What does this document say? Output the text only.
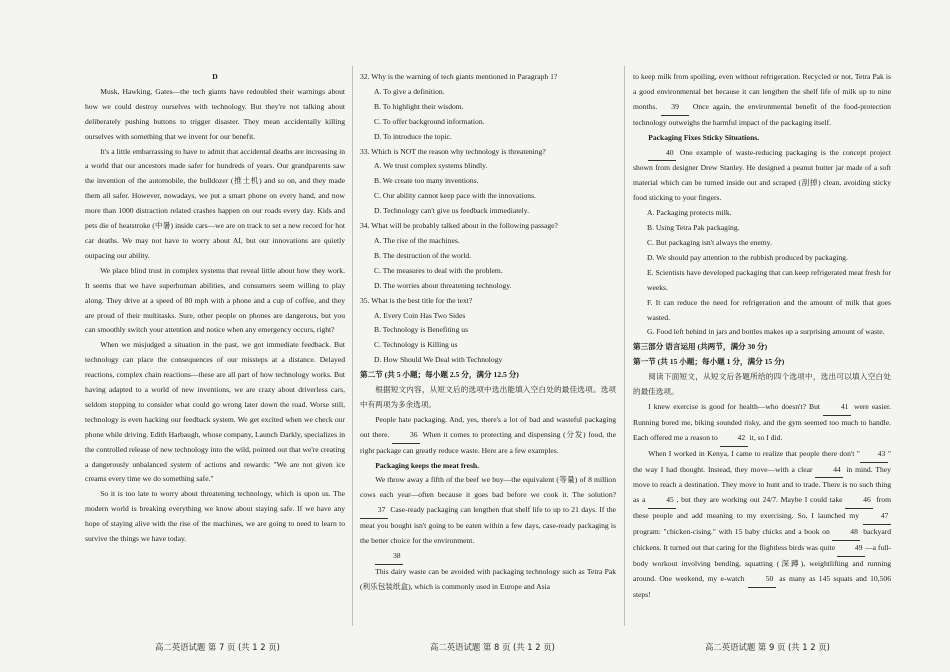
D

Musk, Hawking, Gates—the tech giants have redoubled their warnings about how we could destroy ourselves with technology. But they're not talking about deliberately pushing buttons to trigger disaster. They mean accidentally killing ourselves with something that we invent for our benefit.

It's a little embarrassing to have to admit that accidental deaths are increasing in a world that our ancestors made safer for hundreds of years. Our grandparents saw the invention of the automobile, the bulldozer (推土机) and so on, and they made them all safer. However, nowadays, we put a smart phone on every hand, and now more than 1000 distraction related crashes happen on our roads every day. Kids and pets die of heatstroke (中暑) inside cars—we are on track to set a new record for hot car deaths. We may not have to worry about AI, but our innovations are quietly outpacing our ability.

We place blind trust in complex systems that reveal little about how they work. It seems that we have superhuman abilities, and consumers seem willing to play along. They drive at a speed of 80 mph with a phone and a cup of coffee, and they are proud of their multitasks. Sure, other people on phones are dangerous, but you can smoothly switch your attention and notice when any emergency occurs, right?

When we misjudged a situation in the past, we got immediate feedback. But technology can place the consequences of our missteps at a distance. Delayed reactions, complex chain reactions—these are all part of how technology works. But having adapted to a world of new inventions, we are crazy about driverless cars, seldom stopping to consider what could go wrong later down the road. Worse still, technology is even hacking our feedback system. We get excited when we check our phone while driving. Edith Harbaugh, whose company, Launch Darkly, specializes in the controlled release of new technology into the wild, pointed out that we're creating a dangerously unbalanced system of actions and rewards: "We are not given ice creams every time we do something safe."

So it is too late to worry about threatening technology, which is upon us. The modern world is breaking everything we know about staying safe. If we have any hope of staying alive with the rise of the machines, we are going to need to learn to survive the things we have today.

32. Why is the warning of tech giants mentioned in Paragraph 1?

A. To give a definition.

B. To highlight their wisdom.

C. To offer background information.

D. To introduce the topic.

33. Which is NOT the reason why technology is threatening?

A. We trust complex systems blindly.

B. We create too many inventions.

C. Our ability cannot keep pace with the innovations.

D. Technology can't give us feedback immediately.

34. What will be probably talked about in the following passage?

A. The rise of the machines.

B. The destruction of the world.

C. The measures to deal with the problem.

D. The worries about threatening technology.

35. What is the best title for the text?

A. Every Coin Has Two Sides

B. Technology is Benefiting us

C. Technology is Killing us

D. How Should We Deal with Technology

第二节 (共 5 小题；每小题 2.5 分，满分 12.5 分)

根据短文内容，从短文后的选项中选出能填入空白处的最佳选项。选项中有两项为多余选项。

People hate packaging. And, yes, there's a lot of bad and wasteful packaging out there.	36 When it comes to protecting and dispensing (分发) food, the right package can greatly reduce waste. Here are a few examples.

Packaging keeps the meat fresh.

We throw away a fifth of the beef we buy—the equivalent (等量) of 8 million cows each year—often because it goes bad before we cook it. The solution? 37 Case-ready packaging can lengthen that shelf life to up to 21 days. If the meat you bought isn't going to be eaten within a few days, case-ready packaging is the better choice for the environment.

38

This dairy waste can be avoided with packaging technology such as Tetra Pak (利乐包装纸盒), which is commonly used in Europe and Asia

to keep milk from spoiling, even without refrigeration. Recycled or not, Tetra Pak is a good environmental bet because it can lengthen the shelf life of milk up to nine months. 39 Once again, the environmental benefit of the food-protection technology outweighs the harmful impact of the packaging itself.

Packaging Fixes Sticky Situations.

40 One example of waste-reducing packaging is the concept project shown from designer Drew Stanley. He designed a peanut butter jar made of a soft material which can be turned inside out and scraped (刮掉) clean, avoiding sticky food sticking to your fingers.

A. Packaging protects milk.

B. Using Tetra Pak packaging.

C. But packaging isn't always the enemy.

D. We should pay attention to the rubbish produced by packaging.

E. Scientists have developed packaging that can keep refrigerated meat fresh for weeks.

F. It can reduce the need for refrigeration and the amount of milk that goes wasted.

G. Food left behind in jars and bottles makes up a surprising amount of waste.

第三部分 语言运用 (共两节，满分 30 分)

第一节 (共 15 小题；每小题 1 分，满分 15 分)

阅读下面短文，从短文后各题所给的四个选项中，选出可以填入空白处的最佳选项。

I knew exercise is good for health—who doesn't? But	41 were easier. Running bored me, biking sounded risky, and the gym seemed too much to handle. Each offered me a reason to	42 it, so I did.

When I worked in Kenya, I came to realize that people there don't " 43 " the way I had thought. Instead, they move—with a clear	44 in mind. They move to reach a destination. They move to hunt and to trade. There is no such thing as a	45 , but they are working out 24/7. Maybe I could take	46 from these people and add meaning to my exercising. So, I launched my	47 program: "chicken-cising." with 15 baby chicks and a book on	48 backyard chickens. It turned out that caring for the flightless birds was quite	49 —a full-body workout involving bending, squatting (深蹲), weightlifting and running around. One weekend, my e-watch	50 as many as 145 squats and 10,506 steps!

高二英语试题 第 7 页 (共 1 2 页)	高二英语试题 第 8 页 (共 1 2 页)	高二英语试题 第 9 页 (共 1 2 页)
